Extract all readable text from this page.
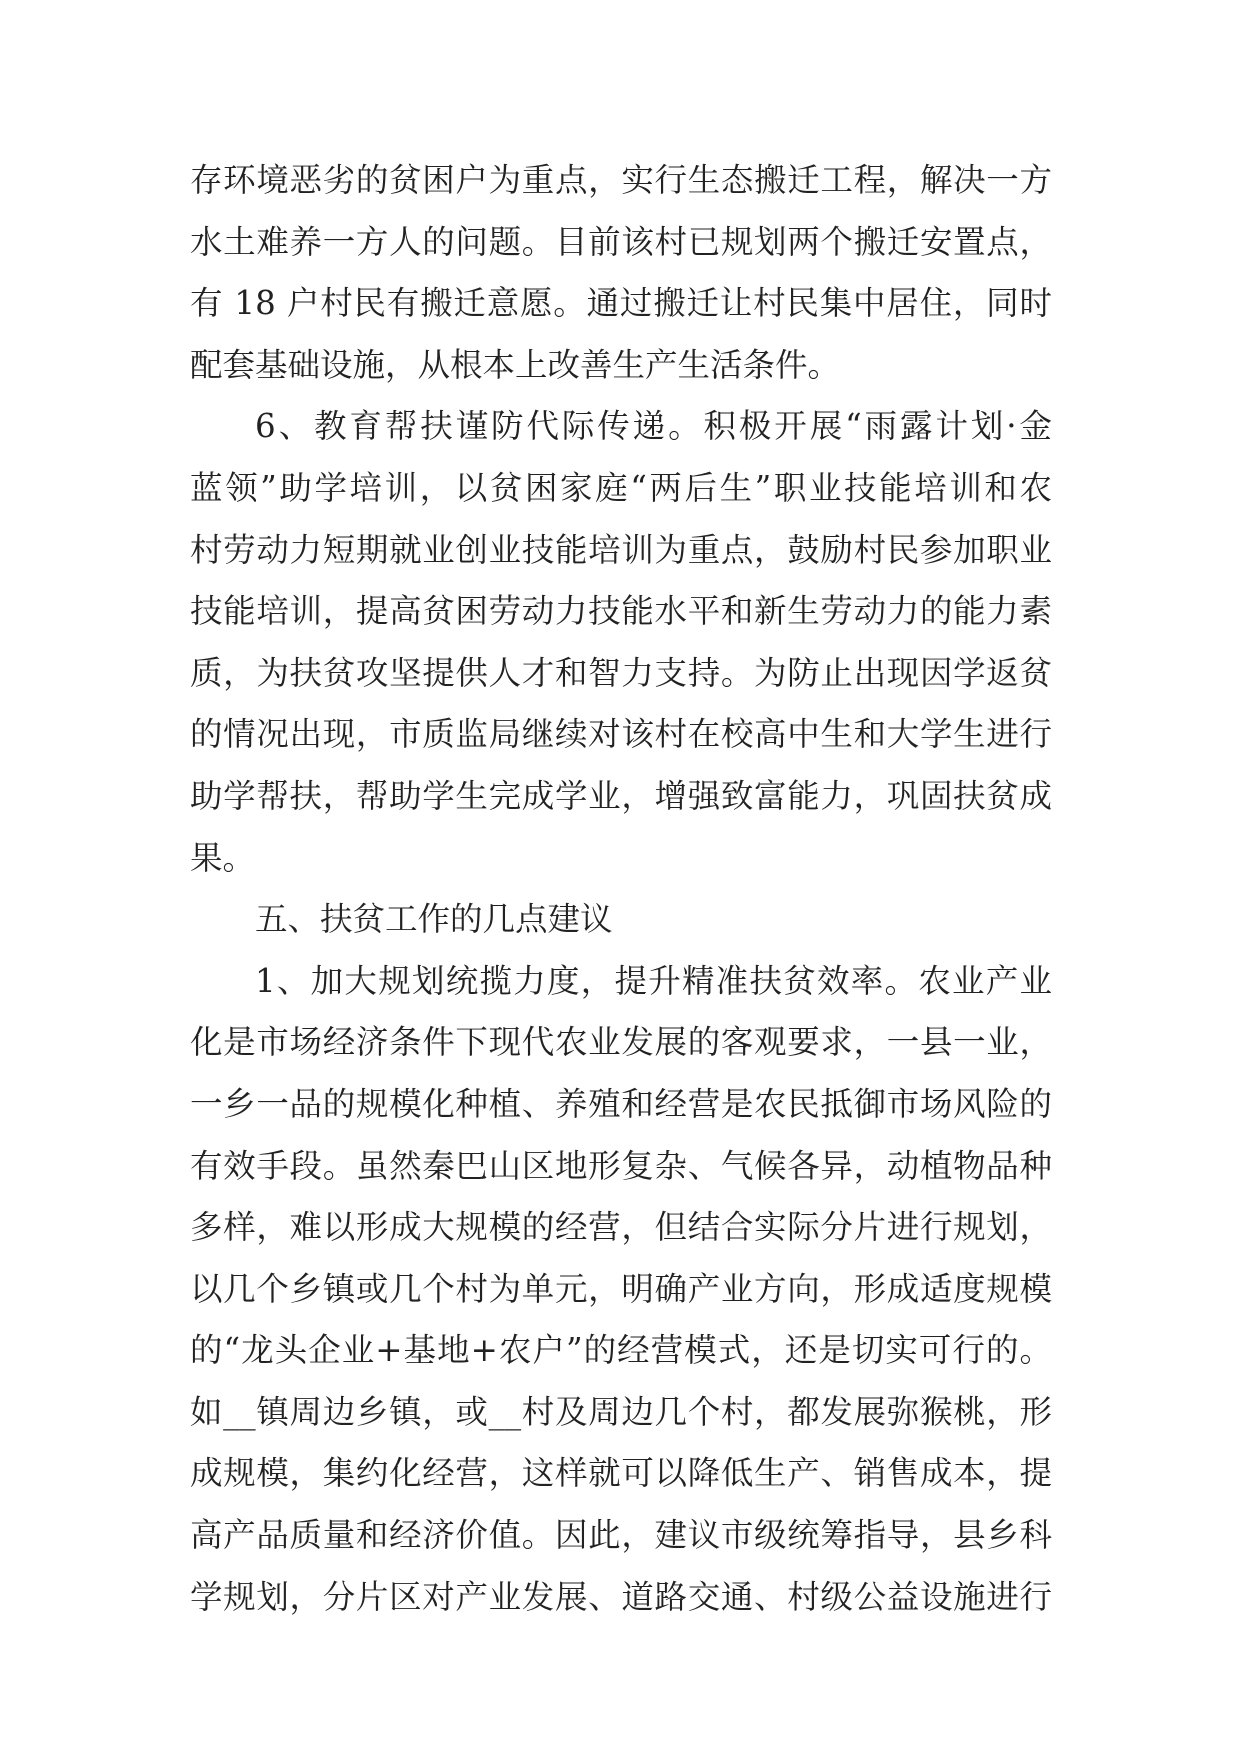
存环境恶劣的贫困户为重点，实行生态搬迁工程，解决一方
水土难养一方人的问题。目前该村已规划两个搬迁安置点，
有 18 户村民有搬迁意愿。通过搬迁让村民集中居住，同时
配套基础设施，从根本上改善生产生活条件。
6、教育帮扶谨防代际传递。积极开展“雨露计划·金
蓝领”助学培训，以贫困家庭“两后生”职业技能培训和农
村劳动力短期就业创业技能培训为重点，鼓励村民参加职业
技能培训，提高贫困劳动力技能水平和新生劳动力的能力素
质，为扶贫攻坚提供人才和智力支持。为防止出现因学返贫
的情况出现，市质监局继续对该村在校高中生和大学生进行
助学帮扶，帮助学生完成学业，增强致富能力，巩固扶贫成
果。
五、扶贫工作的几点建议
1、加大规划统揽力度，提升精准扶贫效率。农业产业
化是市场经济条件下现代农业发展的客观要求，一县一业，
一乡一品的规模化种植、养殖和经营是农民抵御市场风险的
有效手段。虽然秦巴山区地形复杂、气候各异，动植物品种
多样，难以形成大规模的经营，但结合实际分片进行规划，
以几个乡镇或几个村为单元，明确产业方向，形成适度规模
的“龙头企业+基地+农户”的经营模式，还是切实可行的。
如__镇周边乡镇，或__村及周边几个村，都发展弥猴桃，形
成规模，集约化经营，这样就可以降低生产、销售成本，提
高产品质量和经济价值。因此，建议市级统筹指导，县乡科
学规划，分片区对产业发展、道路交通、村级公益设施进行
